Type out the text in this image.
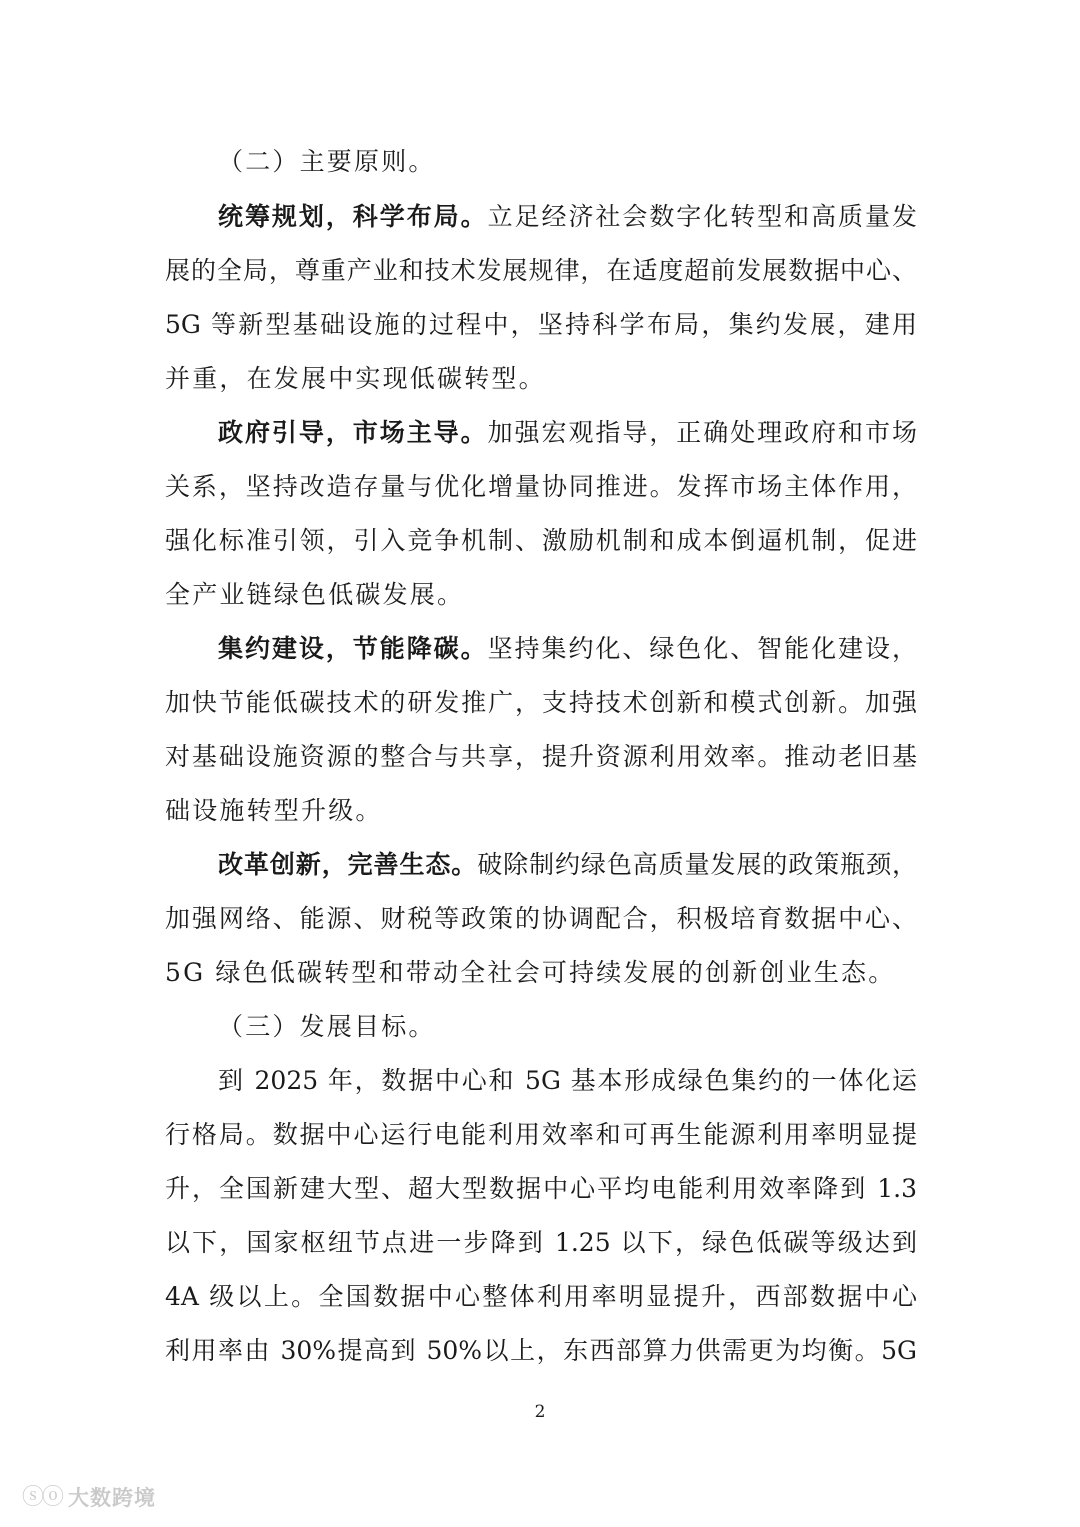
（二）主要原则。
统筹规划，科学布局。立足经济社会数字化转型和高质量发
展的全局，尊重产业和技术发展规律，在适度超前发展数据中心、
5G 等新型基础设施的过程中，坚持科学布局，集约发展，建用
并重，在发展中实现低碳转型。
政府引导，市场主导。加强宏观指导，正确处理政府和市场
关系，坚持改造存量与优化增量协同推进。发挥市场主体作用，
强化标准引领，引入竞争机制、激励机制和成本倒逼机制，促进
全产业链绿色低碳发展。
集约建设，节能降碳。坚持集约化、绿色化、智能化建设，
加快节能低碳技术的研发推广，支持技术创新和模式创新。加强
对基础设施资源的整合与共享，提升资源利用效率。推动老旧基
础设施转型升级。
改革创新，完善生态。破除制约绿色高质量发展的政策瓶颈，
加强网络、能源、财税等政策的协调配合，积极培育数据中心、
5G 绿色低碳转型和带动全社会可持续发展的创新创业生态。
（三）发展目标。
到 2025 年，数据中心和 5G 基本形成绿色集约的一体化运
行格局。数据中心运行电能利用效率和可再生能源利用率明显提
升，全国新建大型、超大型数据中心平均电能利用效率降到 1.3
以下，国家枢纽节点进一步降到 1.25 以下，绿色低碳等级达到
4A 级以上。全国数据中心整体利用率明显提升，西部数据中心
利用率由 30%提高到 50%以上，东西部算力供需更为均衡。5G
2
ⓢⓞ 大数跨境
